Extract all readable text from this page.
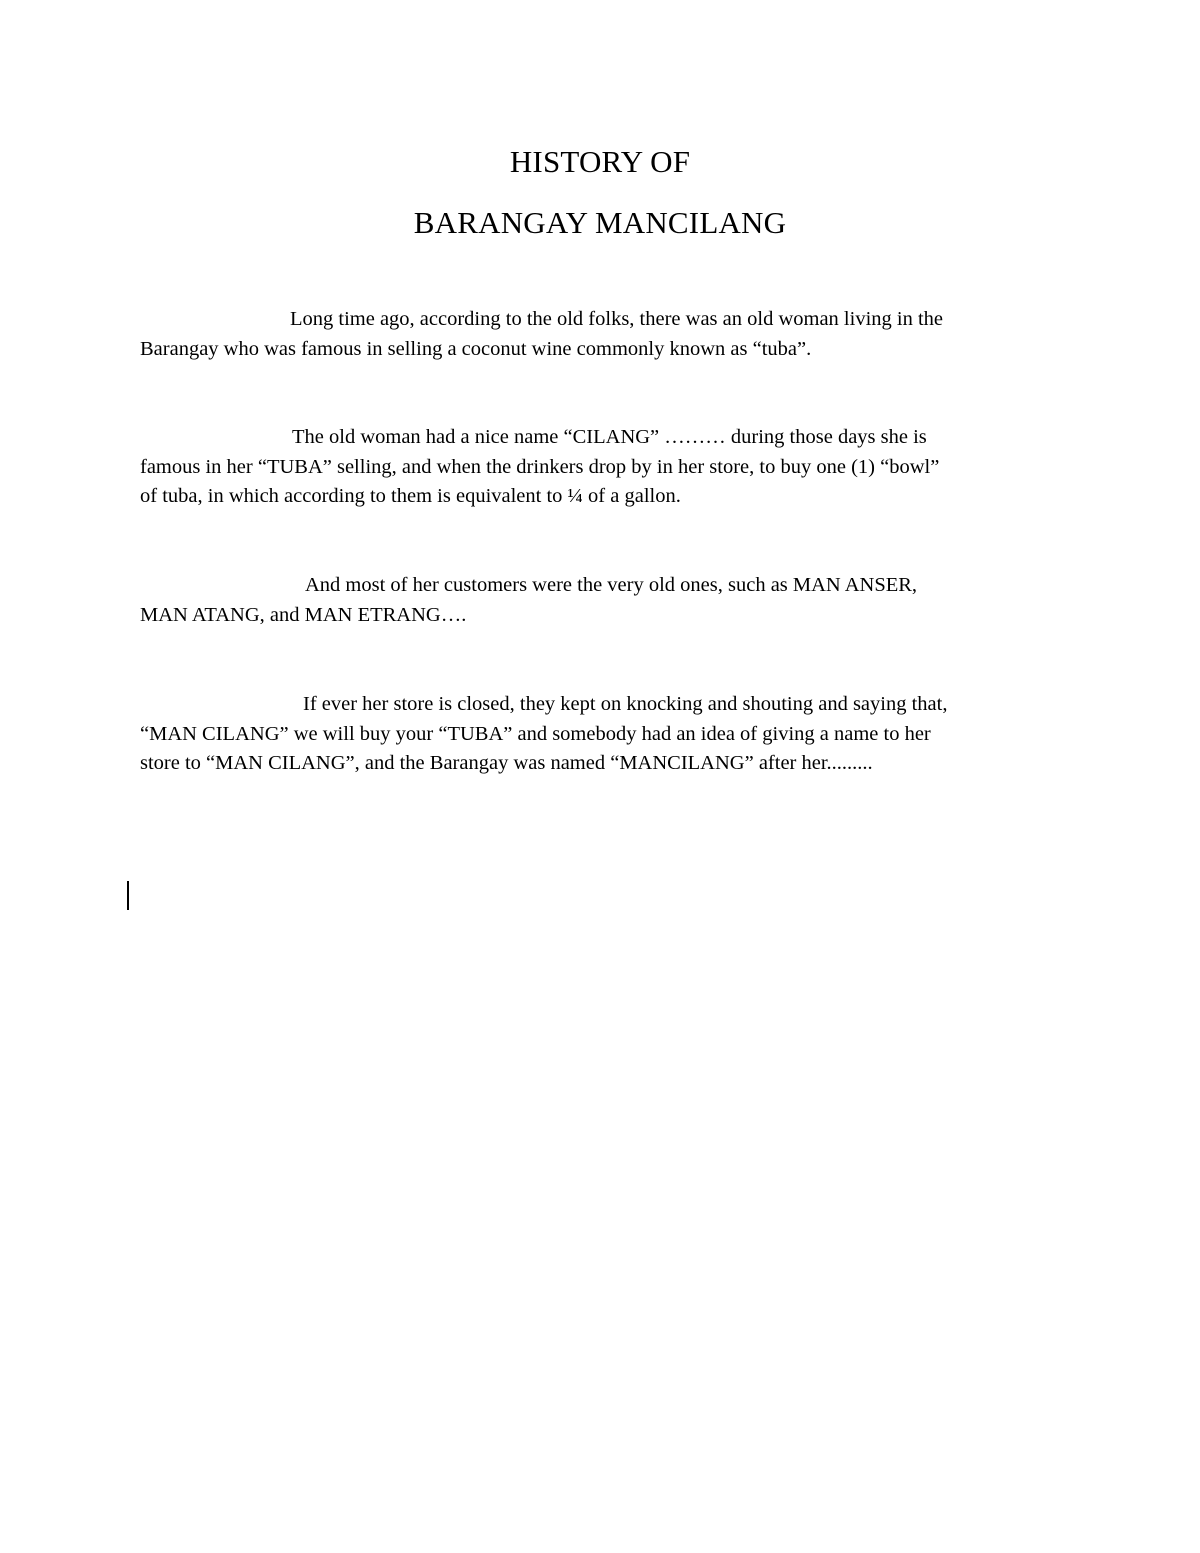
HISTORY OF
BARANGAY MANCILANG

Long time ago, according to the old folks, there was an old woman living in the
Barangay who was famous in selling a coconut wine commonly known as “tuba”.

The old woman had a nice name “CILANG” ……… during those days she is
famous in her “TUBA” selling, and when the drinkers drop by in her store, to buy one (1) “bowl”
of tuba, in which according to them is equivalent to ¼ of a gallon.

And most of her customers were the very old ones, such as MAN ANSER,
MAN ATANG, and MAN ETRANG….

If ever her store is closed, they kept on knocking and shouting and saying that,
“MAN CILANG” we will buy your “TUBA” and somebody had an idea of giving a name to her
store to “MAN CILANG”, and the Barangay was named “MANCILANG” after her.........
